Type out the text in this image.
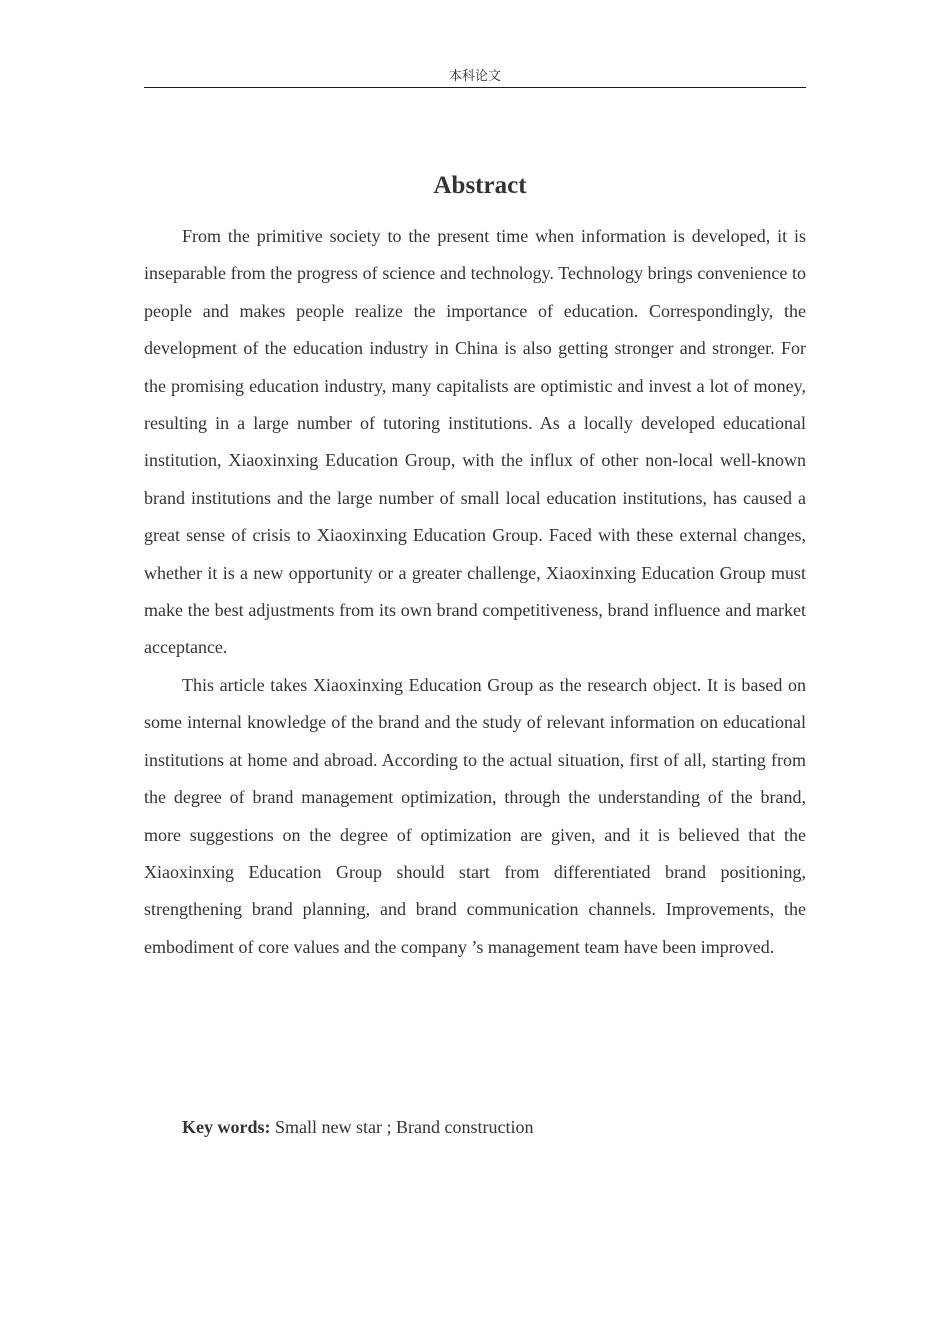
本科论文
Abstract

From the primitive society to the present time when information is developed, it is inseparable from the progress of science and technology. Technology brings convenience to people and makes people realize the importance of education. Correspondingly, the development of the education industry in China is also getting stronger and stronger. For the promising education industry, many capitalists are optimistic and invest a lot of money, resulting in a large number of tutoring institutions. As a locally developed educational institution, Xiaoxinxing Education Group, with the influx of other non-local well-known brand institutions and the large number of small local education institutions, has caused a great sense of crisis to Xiaoxinxing Education Group. Faced with these external changes, whether it is a new opportunity or a greater challenge, Xiaoxinxing Education Group must make the best adjustments from its own brand competitiveness, brand influence and market acceptance.

This article takes Xiaoxinxing Education Group as the research object. It is based on some internal knowledge of the brand and the study of relevant information on educational institutions at home and abroad. According to the actual situation, first of all, starting from the degree of brand management optimization, through the understanding of the brand, more suggestions on the degree of optimization are given, and it is believed that the Xiaoxinxing Education Group should start from differentiated brand positioning, strengthening brand planning, and brand communication channels. Improvements, the embodiment of core values and the company ’s management team have been improved.

Key words: Small new star ; Brand construction
